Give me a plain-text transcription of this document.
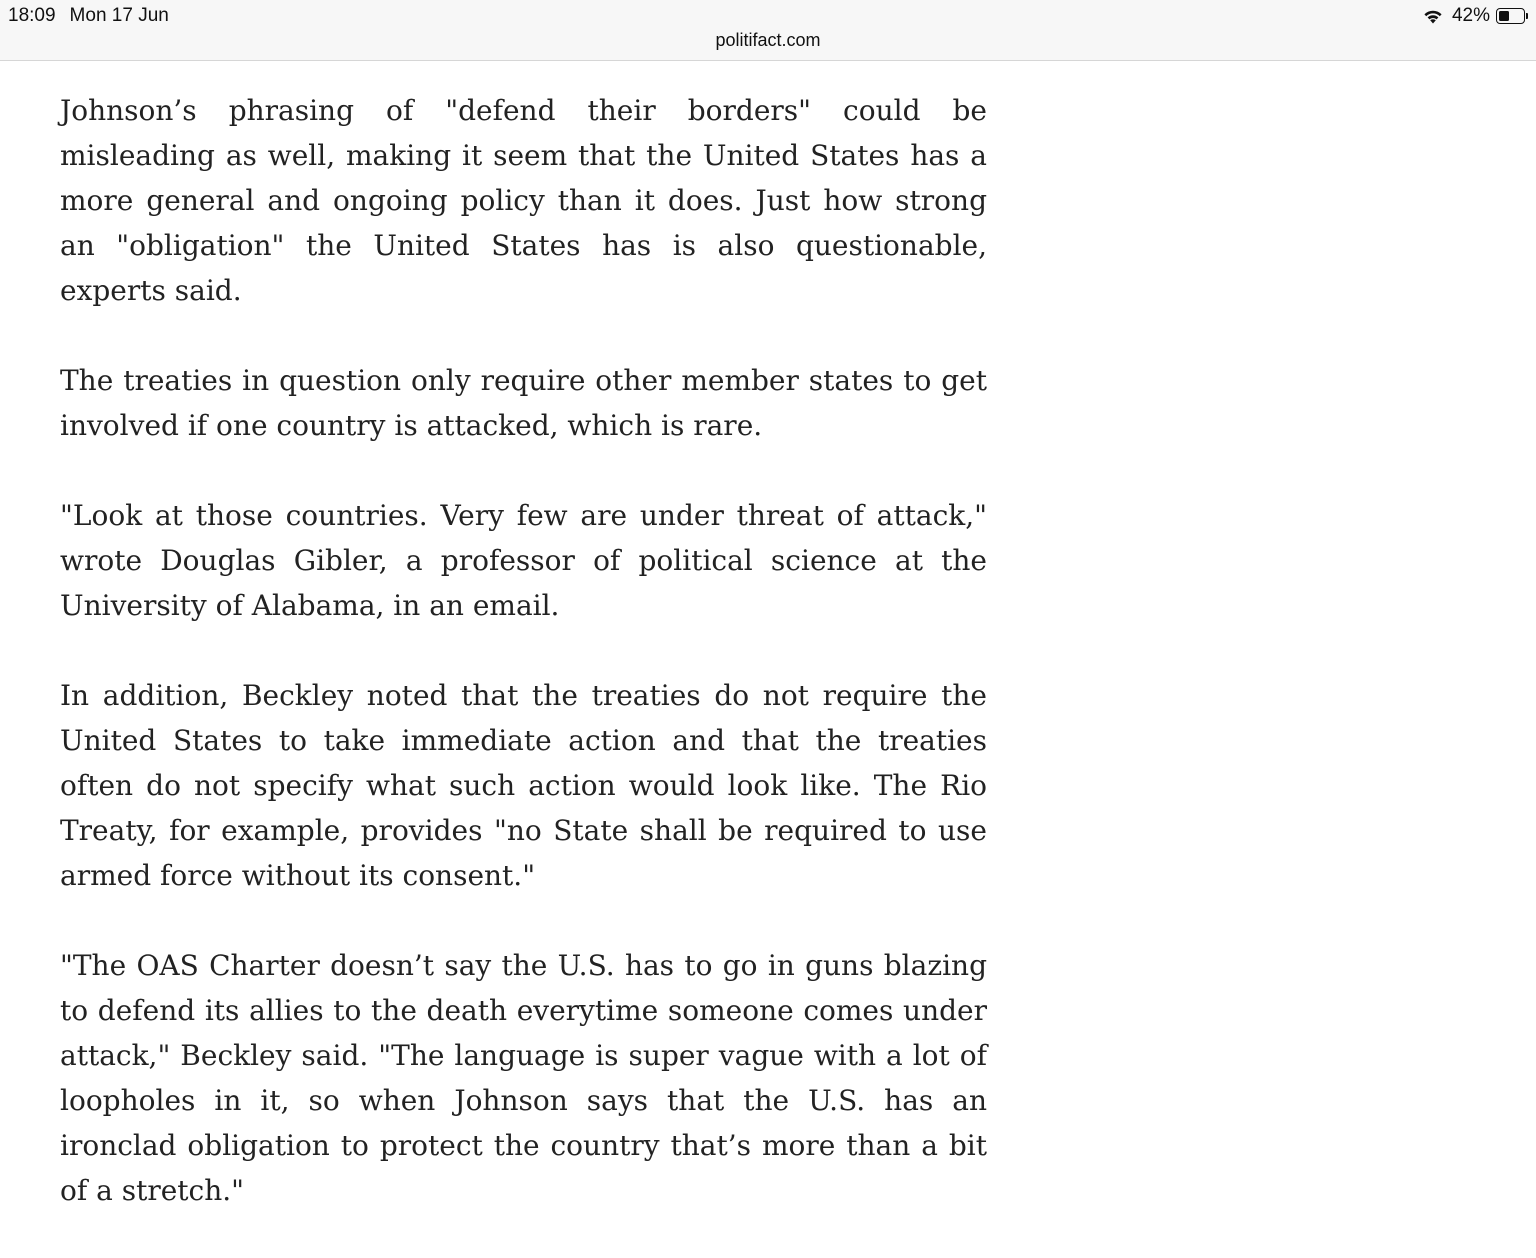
18:09 Mon 17 Jun	42%
politifact.com

Johnson’s phrasing of "defend their borders" could be misleading as well, making it seem that the United States has a more general and ongoing policy than it does. Just how strong an "obligation" the United States has is also questionable, experts said.

The treaties in question only require other member states to get involved if one country is attacked, which is rare.

"Look at those countries. Very few are under threat of attack," wrote Douglas Gibler, a professor of political science at the University of Alabama, in an email.

In addition, Beckley noted that the treaties do not require the United States to take immediate action and that the treaties often do not specify what such action would look like. The Rio Treaty, for example, provides "no State shall be required to use armed force without its consent."

"The OAS Charter doesn’t say the U.S. has to go in guns blazing to defend its allies to the death everytime someone comes under attack," Beckley said. "The language is super vague with a lot of loopholes in it, so when Johnson says that the U.S. has an ironclad obligation to protect the country that’s more than a bit of a stretch."
